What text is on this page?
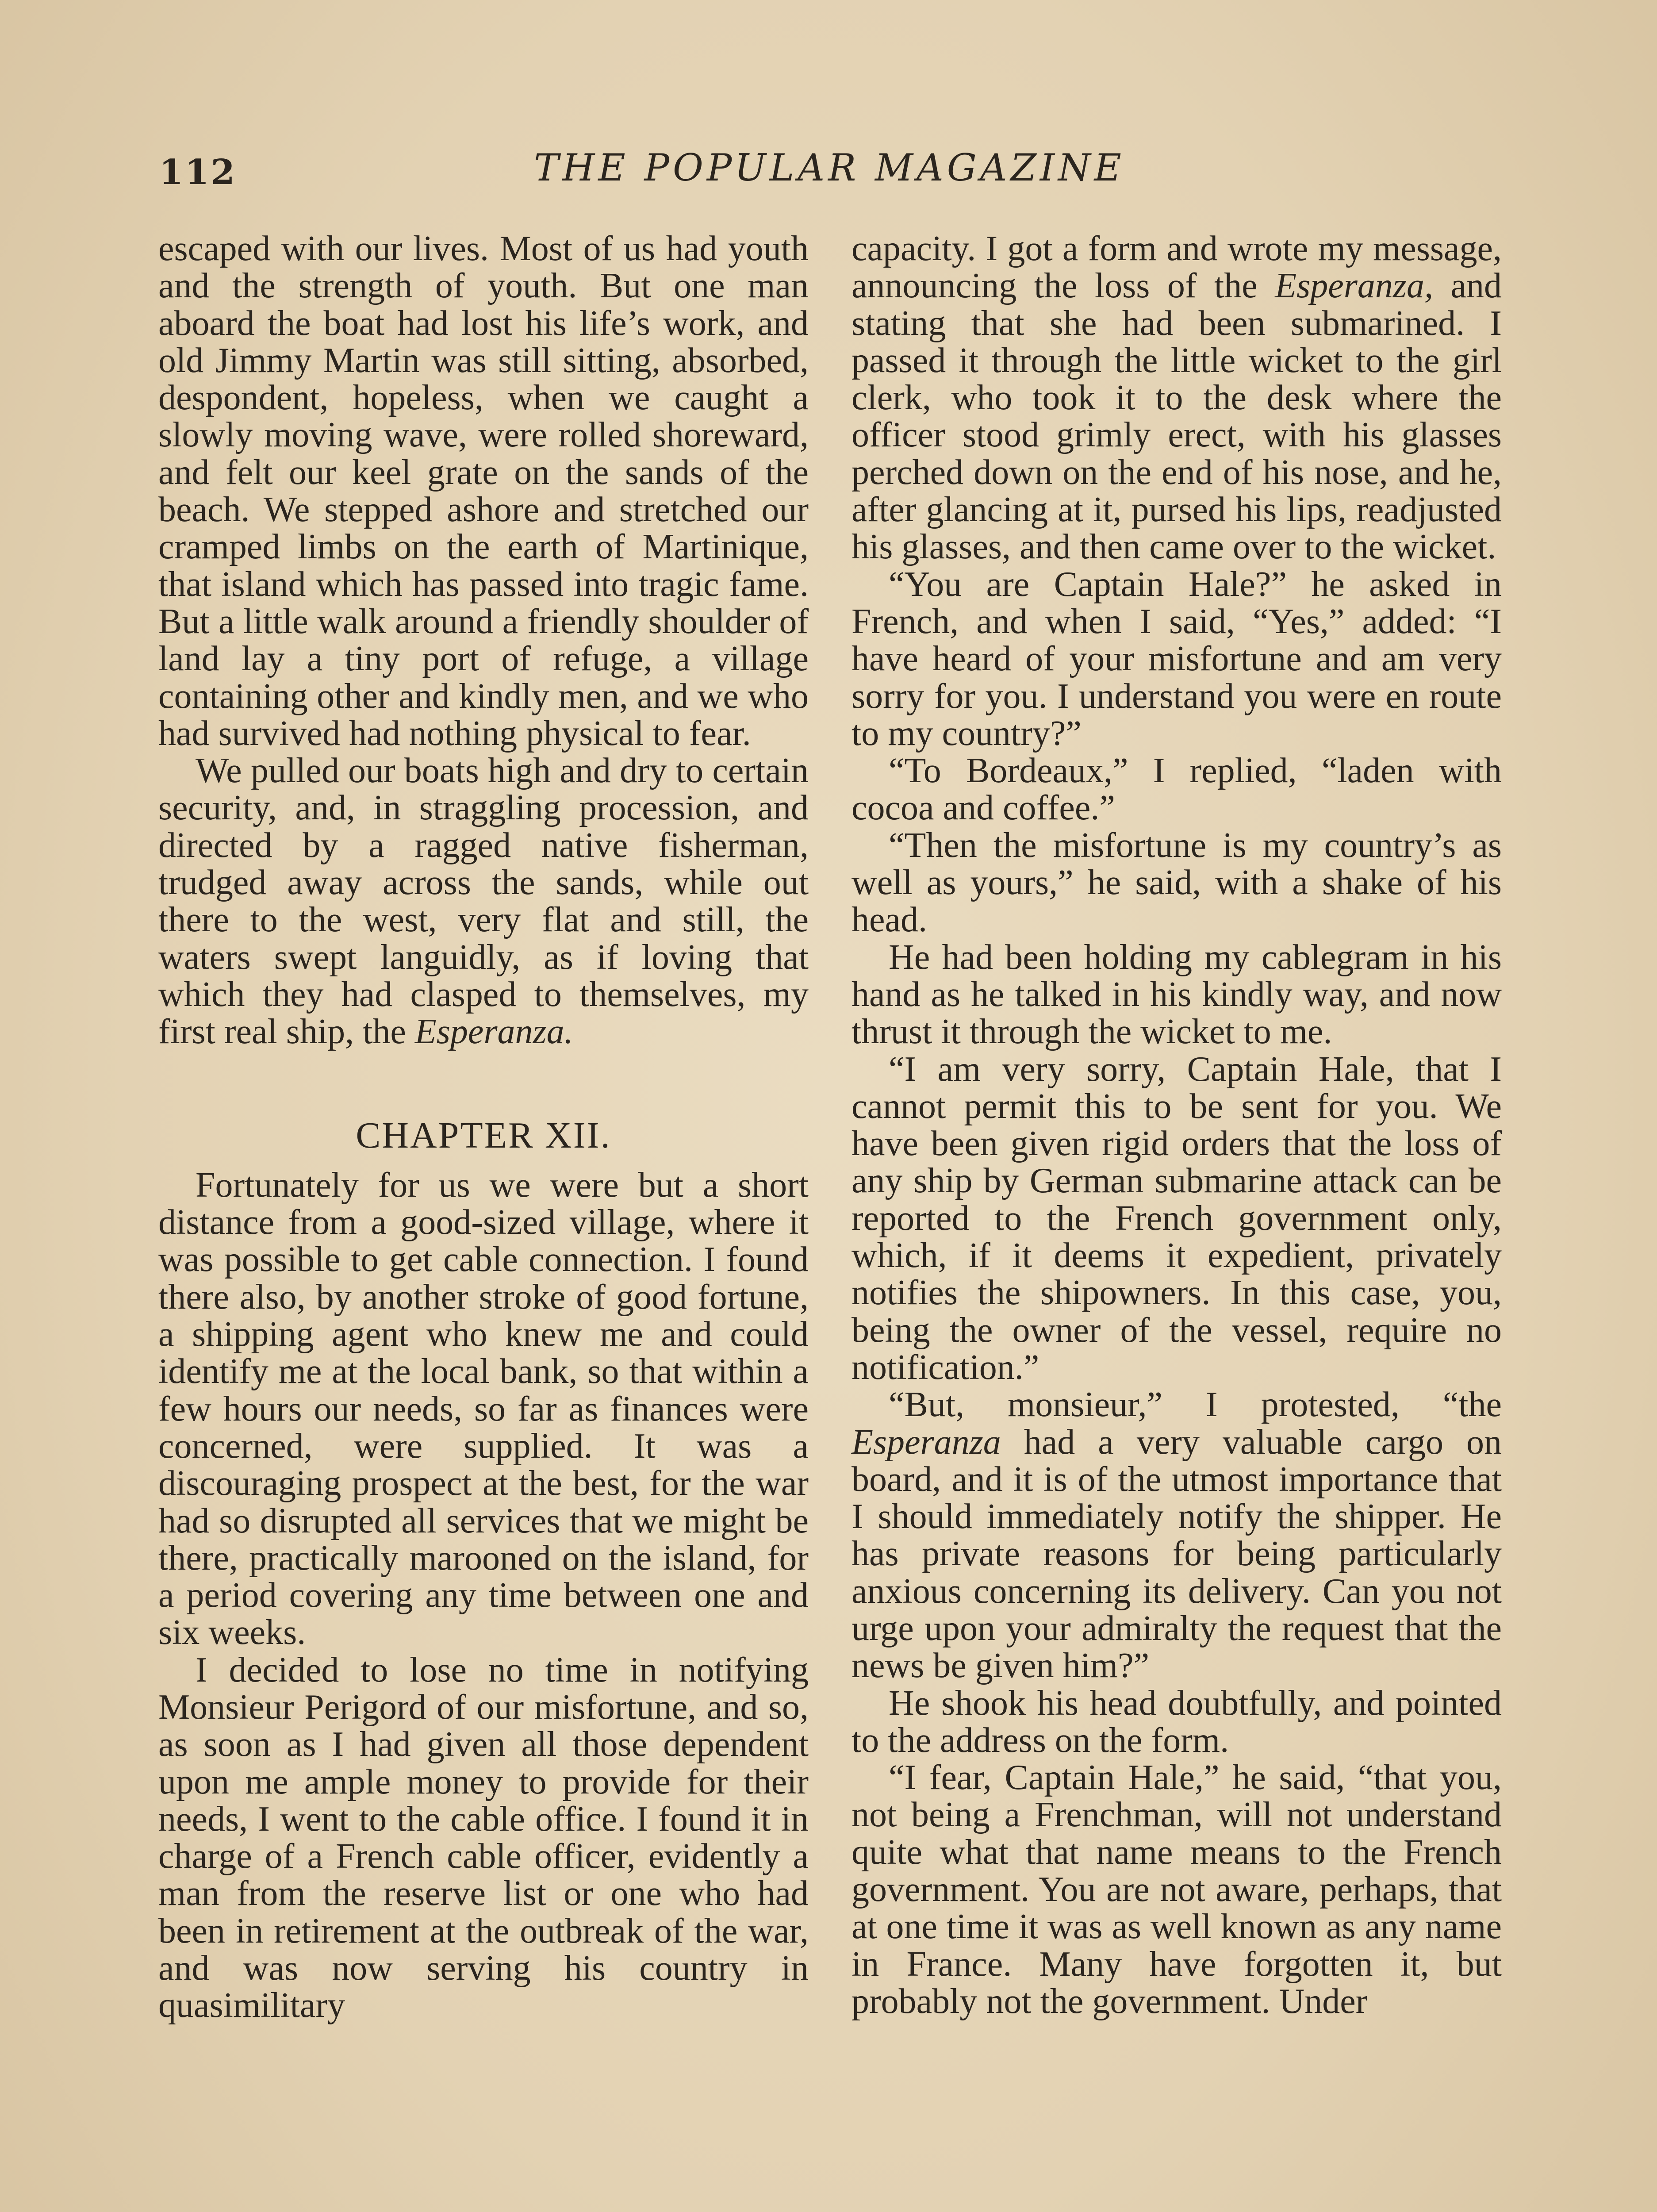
112	THE POPULAR MAGAZINE

escaped with our lives. Most of us had youth and the strength of youth. But one man aboard the boat had lost his life’s work, and old Jimmy Martin was still sitting, absorbed, despondent, hopeless, when we caught a slowly moving wave, were rolled shoreward, and felt our keel grate on the sands of the beach. We stepped ashore and stretched our cramped limbs on the earth of Martinique, that island which has passed into tragic fame. But a little walk around a friendly shoulder of land lay a tiny port of refuge, a village containing other and kindly men, and we who had survived had nothing physical to fear.

We pulled our boats high and dry to certain security, and, in straggling procession, and directed by a ragged native fisherman, trudged away across the sands, while out there to the west, very flat and still, the waters swept languidly, as if loving that which they had clasped to themselves, my first real ship, the Esperanza.

CHAPTER XII.

Fortunately for us we were but a short distance from a good-sized village, where it was possible to get cable connection. I found there also, by another stroke of good fortune, a shipping agent who knew me and could identify me at the local bank, so that within a few hours our needs, so far as finances were concerned, were supplied. It was a discouraging prospect at the best, for the war had so disrupted all services that we might be there, practically marooned on the island, for a period covering any time between one and six weeks.

I decided to lose no time in notifying Monsieur Perigord of our misfortune, and so, as soon as I had given all those dependent upon me ample money to provide for their needs, I went to the cable office. I found it in charge of a French cable officer, evidently a man from the reserve list or one who had been in retirement at the outbreak of the war, and was now serving his country in quasimilitary

capacity. I got a form and wrote my message, announcing the loss of the Esperanza, and stating that she had been submarined. I passed it through the little wicket to the girl clerk, who took it to the desk where the officer stood grimly erect, with his glasses perched down on the end of his nose, and he, after glancing at it, pursed his lips, readjusted his glasses, and then came over to the wicket.

“You are Captain Hale?” he asked in French, and when I said, “Yes,” added: “I have heard of your misfortune and am very sorry for you. I understand you were en route to my country?”

“To Bordeaux,” I replied, “laden with cocoa and coffee.”

“Then the misfortune is my country’s as well as yours,” he said, with a shake of his head.

He had been holding my cablegram in his hand as he talked in his kindly way, and now thrust it through the wicket to me.

“I am very sorry, Captain Hale, that I cannot permit this to be sent for you. We have been given rigid orders that the loss of any ship by German submarine attack can be reported to the French government only, which, if it deems it expedient, privately notifies the shipowners. In this case, you, being the owner of the vessel, require no notification.”

“But, monsieur,” I protested, “the Esperanza had a very valuable cargo on board, and it is of the utmost importance that I should immediately notify the shipper. He has private reasons for being particularly anxious concerning its delivery. Can you not urge upon your admiralty the request that the news be given him?”

He shook his head doubtfully, and pointed to the address on the form.

“I fear, Captain Hale,” he said, “that you, not being a Frenchman, will not understand quite what that name means to the French government. You are not aware, perhaps, that at one time it was as well known as any name in France. Many have forgotten it, but probably not the government. Under
